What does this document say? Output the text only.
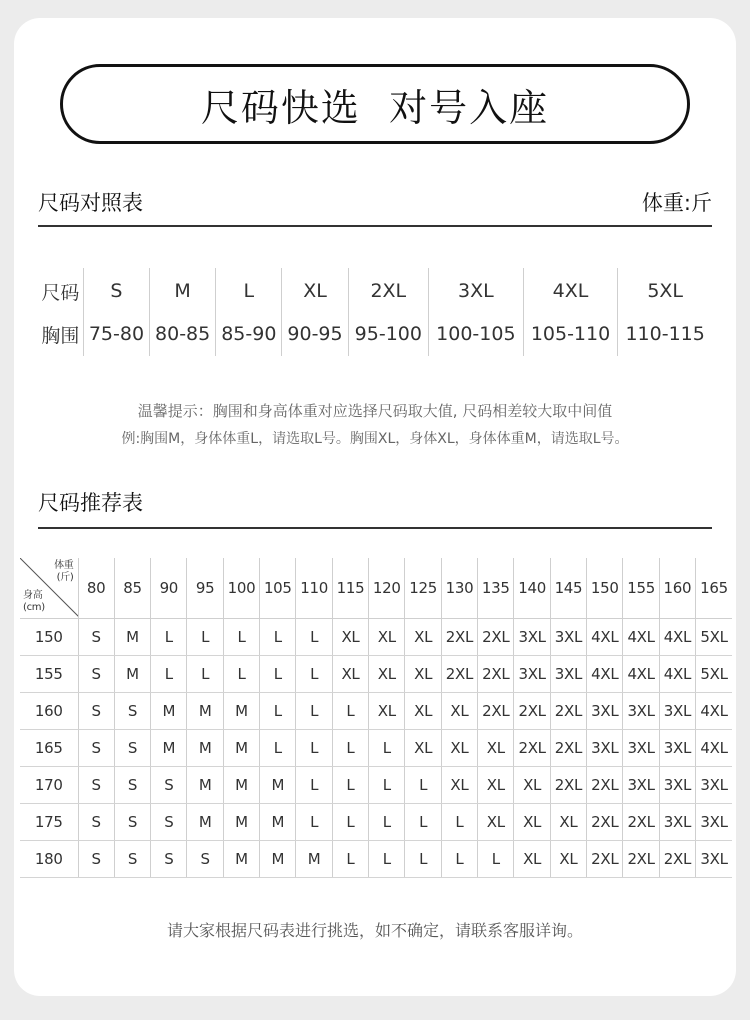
尺码快选  对号入座
尺码对照表	体重:斤
尺码	S	M	L	XL	2XL	3XL	4XL	5XL
胸围	75-80	80-85	85-90	90-95	95-100	100-105	105-110	110-115
温馨提示：胸围和身高体重对应选择尺码取大值, 尺码相差较大取中间值
例:胸围M，身体体重L，请选取L号。胸围XL，身体XL，身体体重M，请选取L号。
尺码推荐表
体重
(斤)
身高
(cm)	80	85	90	95	100	105	110	115	120	125	130	135	140	145	150	155	160	165
150	S	M	L	L	L	L	L	XL	XL	XL	2XL	2XL	3XL	3XL	4XL	4XL	4XL	5XL
155	S	M	L	L	L	L	L	XL	XL	XL	2XL	2XL	3XL	3XL	4XL	4XL	4XL	5XL
160	S	S	M	M	M	L	L	L	XL	XL	XL	2XL	2XL	2XL	3XL	3XL	3XL	4XL
165	S	S	M	M	M	L	L	L	L	XL	XL	XL	2XL	2XL	3XL	3XL	3XL	4XL
170	S	S	S	M	M	M	L	L	L	L	XL	XL	XL	2XL	2XL	3XL	3XL	3XL
175	S	S	S	M	M	M	L	L	L	L	L	XL	XL	XL	2XL	2XL	3XL	3XL
180	S	S	S	S	M	M	M	L	L	L	L	L	XL	XL	2XL	2XL	2XL	3XL
请大家根据尺码表进行挑选，如不确定，请联系客服详询。
